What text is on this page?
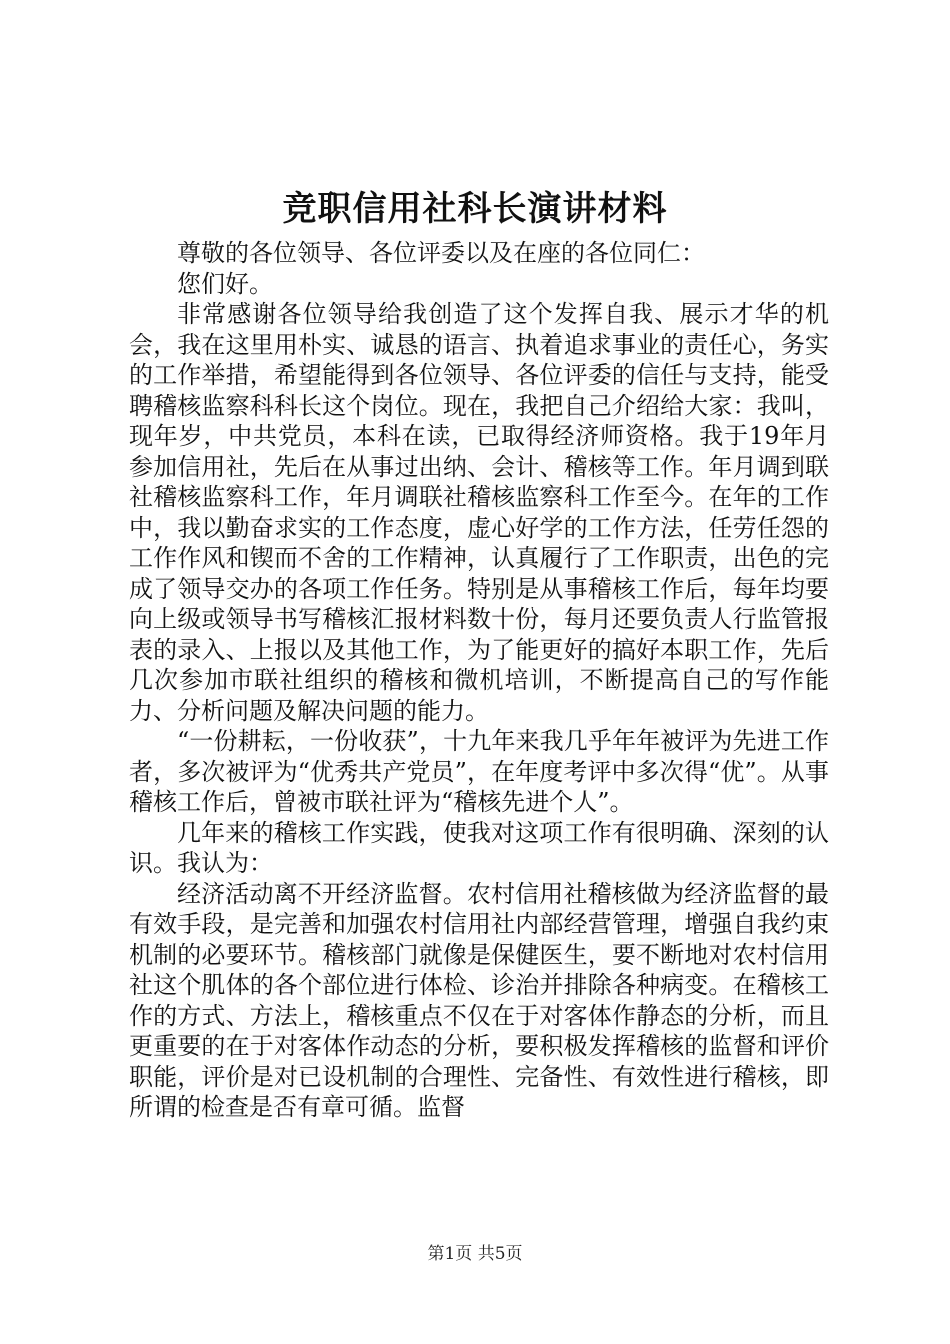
竞职信用社科长演讲材料

尊敬的各位领导、各位评委以及在座的各位同仁：

您们好。

非常感谢各位领导给我创造了这个发挥自我、展示才华的机会，我在这里用朴实、诚恳的语言、执着追求事业的责任心，务实的工作举措，希望能得到各位领导、各位评委的信任与支持，能受聘稽核监察科科长这个岗位。现在，我把自己介绍给大家：我叫，现年岁，中共党员，本科在读，已取得经济师资格。我于19年月参加信用社，先后在从事过出纳、会计、稽核等工作。年月调到联社稽核监察科工作，年月调联社稽核监察科工作至今。在年的工作中，我以勤奋求实的工作态度，虚心好学的工作方法，任劳任怨的工作作风和锲而不舍的工作精神，认真履行了工作职责，出色的完成了领导交办的各项工作任务。特别是从事稽核工作后，每年均要向上级或领导书写稽核汇报材料数十份，每月还要负责人行监管报表的录入、上报以及其他工作，为了能更好的搞好本职工作，先后几次参加市联社组织的稽核和微机培训，不断提高自己的写作能力、分析问题及解决问题的能力。

“一份耕耘，一份收获”，十九年来我几乎年年被评为先进工作者，多次被评为“优秀共产党员”，在年度考评中多次得“优”。从事稽核工作后，曾被市联社评为“稽核先进个人”。

几年来的稽核工作实践，使我对这项工作有很明确、深刻的认识。我认为：

经济活动离不开经济监督。农村信用社稽核做为经济监督的最有效手段，是完善和加强农村信用社内部经营管理，增强自我约束机制的必要环节。稽核部门就像是保健医生，要不断地对农村信用社这个肌体的各个部位进行体检、诊治并排除各种病变。在稽核工作的方式、方法上，稽核重点不仅在于对客体作静态的分析，而且更重要的在于对客体作动态的分析，要积极发挥稽核的监督和评价职能，评价是对已设机制的合理性、完备性、有效性进行稽核，即所谓的检查是否有章可循。监督

第1页 共5页
